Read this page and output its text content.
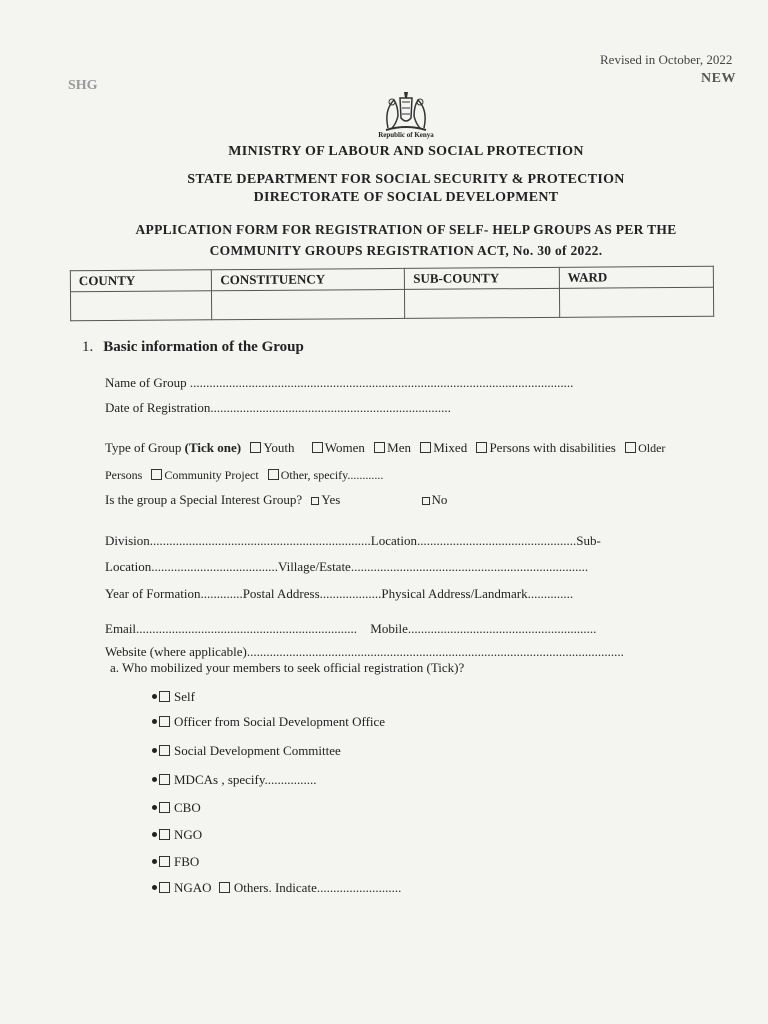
Revised in October, 2022
NEW
SHG
Republic of Kenya
MINISTRY OF LABOUR AND SOCIAL PROTECTION
STATE DEPARTMENT FOR SOCIAL SECURITY & PROTECTION
DIRECTORATE OF SOCIAL DEVELOPMENT
APPLICATION FORM FOR REGISTRATION OF SELF- HELP GROUPS AS PER THE
COMMUNITY GROUPS REGISTRATION ACT, No. 30 of 2022.
COUNTY	CONSTITUENCY	SUB-COUNTY	WARD

1. Basic information of the Group
Name of Group ......................................................................................................................
Date of Registration..........................................................................
Type of Group (Tick one) Youth Women Men Mixed Persons with disabilities Older
Persons Community Project Other, specify............
Is the group a Special Interest Group? Yes	No
Division....................................................................Location.................................................Sub-
Location.......................................Village/Estate.........................................................................
Year of Formation.............Postal Address...................Physical Address/Landmark..............
Email.................................................................... Mobile..........................................................
Website (where applicable)....................................................................................................................
a. Who mobilized your members to seek official registration (Tick)?
Self
Officer from Social Development Office
Social Development Committee
MDCAs , specify................
CBO
NGO
FBO
NGAO Others. Indicate..........................
